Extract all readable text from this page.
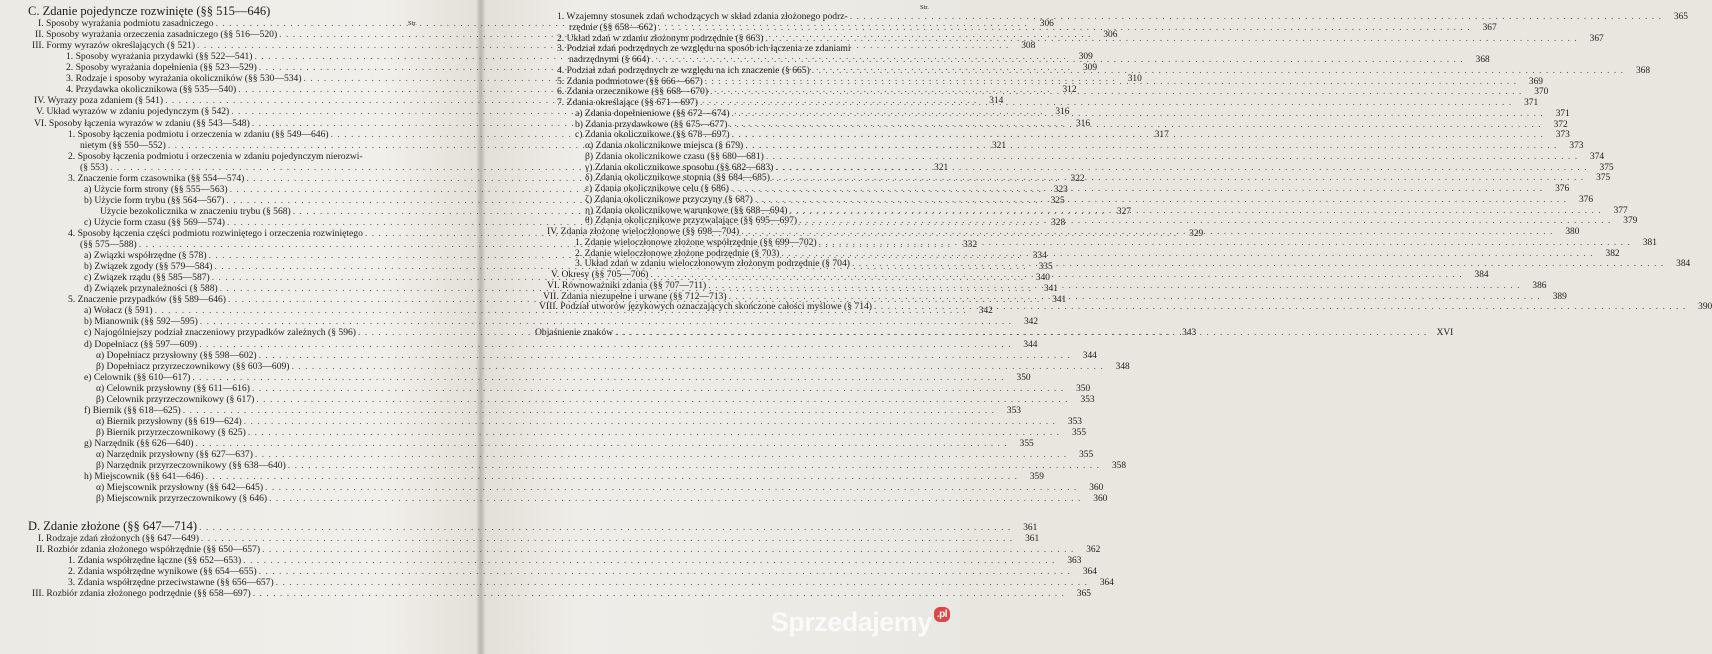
Str.
C. Zdanie pojedyncze rozwinięte (§§ 515—646)
I. Sposoby wyrażania podmiotu zasadniczego . . .	306
II. Sposoby wyrażania orzeczenia zasadniczego (§§ 516—520) . . .	306
III. Formy wyrazów określających (§ 521) . . .	308
1. Sposoby wyrażania przydawki (§§ 522—541) . . .	309
2. Sposoby wyrażania dopełnienia (§§ 523—529) . . .	309
3. Rodzaje i sposoby wyrażania okoliczników (§§ 530—534) . . .	310
4. Przydawka okolicznikowa (§§ 535—540) . . .	312
IV. Wyrazy poza zdaniem (§ 541) . . .	314
V. Układ wyrazów w zdaniu pojedynczym (§ 542) . . .	316
VI. Sposoby łączenia wyrazów w zdaniu (§§ 543—548) . . .	316
1. Sposoby łączenia podmiotu i orzeczenia w zdaniu (§§ 549—646) . . .	317
nietym (§§ 550—552) . . .	321
2. Sposoby łączenia podmiotu i orzeczenia w zdaniu pojedynczym nierozwi-
(§ 553) . . .	321
3. Znaczenie form czasownika (§§ 554—574) . . .	322
a) Użycie form strony (§§ 555—563) . . .	323
b) Użycie form trybu (§§ 564—567) . . .	325
Użycie bezokolicznika w znaczeniu trybu (§ 568) . . .	327
c) Użycie form czasu (§§ 569—574) . . .	328
4. Sposoby łączenia części podmiotu rozwiniętego i orzeczenia rozwiniętego . . .	329
(§§ 575—588) . . .	332
a) Związki współrzędne (§ 578) . . .	334
b) Związek zgody (§§ 579—584) . . .	335
c) Związek rządu (§§ 585—587) . . .	340
d) Związek przynależności (§ 588) . . .	341
5. Znaczenie przypadków (§§ 589—646) . . .	341
a) Wołacz (§ 591) . . .	342
b) Mianownik (§§ 592—595) . . .	342
c) Najogólniejszy podział znaczeniowy przypadków zależnych (§ 596) . . .	343
d) Dopełniacz (§§ 597—609) . . .	344
α) Dopełniacz przysłowny (§§ 598—602) . . .	344
β) Dopełniacz przyrzeczownikowy (§§ 603—609) . . .	348
e) Celownik (§§ 610—617) . . .	350
α) Celownik przysłowny (§§ 611—616) . . .	350
β) Celownik przyrzeczownikowy (§ 617) . . .	353
f) Biernik (§§ 618—625) . . .	353
α) Biernik przysłowny (§§ 619—624) . . .	353
β) Biernik przyrzeczownikowy (§ 625) . . .	355
g) Narzędnik (§§ 626—640) . . .	355
α) Narzędnik przysłowny (§§ 627—637) . . .	355
β) Narzędnik przyrzeczownikowy (§§ 638—640) . . .	358
h) Miejscownik (§§ 641—646) . . .	359
α) Miejscownik przysłowny (§§ 642—645) . . .	360
β) Miejscownik przyrzeczownikowy (§ 646) . . .	360
D. Zdanie złożone (§§ 647—714) . . .	361
I. Rodzaje zdań złożonych (§§ 647—649) . . .	361
II. Rozbiór zdania złożonego współrzędnie (§§ 650—657) . . .	362
1. Zdania współrzędne łączne (§§ 652—653) . . .	363
2. Zdania współrzędne wynikowe (§§ 654—655) . . .	364
3. Zdania współrzędne przeciwstawne (§§ 656—657) . . .	364
III. Rozbiór zdania złożonego podrzędnie (§§ 658—697) . . .	365
Str.
1. Wzajemny stosunek zdań wchodzących w skład zdania złożonego podrz- . . .	365
rzędnie (§§ 658—662) . . .	367
2. Układ zdań w zdaniu złożonym podrzędnie (§ 663) . . .	367
3. Podział zdań podrzędnych ze względu na sposób ich łączenia ze zdaniami
nadrzędnymi (§ 664) . . .	368
4. Podział zdań podrzędnych ze względu na ich znaczenie (§ 665) . . .	368
5. Zdania podmiotowe (§§ 666—667) . . .	369
6. Zdania orzecznikowe (§§ 668—670) . . .	370
7. Zdania określające (§§ 671—697) . . .	371
a) Zdania dopełnieniowe (§§ 672—674) . . .	371
b) Zdania przydawkowe (§§ 675—677) . . .	372
c) Zdania okolicznikowe (§§ 678—697) . . .	373
α) Zdania okolicznikowe miejsca (§ 679) . . .	373
β) Zdania okolicznikowe czasu (§§ 680—681) . . .	374
γ) Zdania okolicznikowe sposobu (§§ 682—683) . . .	375
δ) Zdania okolicznikowe stopnia (§§ 684—685) . . .	375
ε) Zdania okolicznikowe celu (§ 686) . . .	376
ζ) Zdania okolicznikowe przyczyny (§ 687) . . .	376
η) Zdania okolicznikowe warunkowe (§§ 688—694) . . .	377
θ) Zdania okolicznikowe przyzwalające (§§ 695—697) . . .	379
IV. Zdania złożone wielocżłonowe (§§ 698—704) . . .	380
1. Zdanie wieloczłonowe złożone współrzędnie (§§ 699—702) . . .	381
2. Zdanie wieloczłonowe złożone podrzędnie (§ 703) . . .	382
3. Układ zdań w zdaniu wieloczłonowym złożonym podrzędnie (§ 704) . . .	384
V. Okresy (§§ 705—706) . . .	384
VI. Równoważniki zdania (§§ 707—711) . . .	386
VII. Zdania niezupełne i urwane (§§ 712—713) . . .	389
VIII. Podział utworów językowych oznaczających skończone całości myślowe (§ 714) . . .	390
Objaśnienie znaków . . .	XVI
Sprzedajemy .pl
